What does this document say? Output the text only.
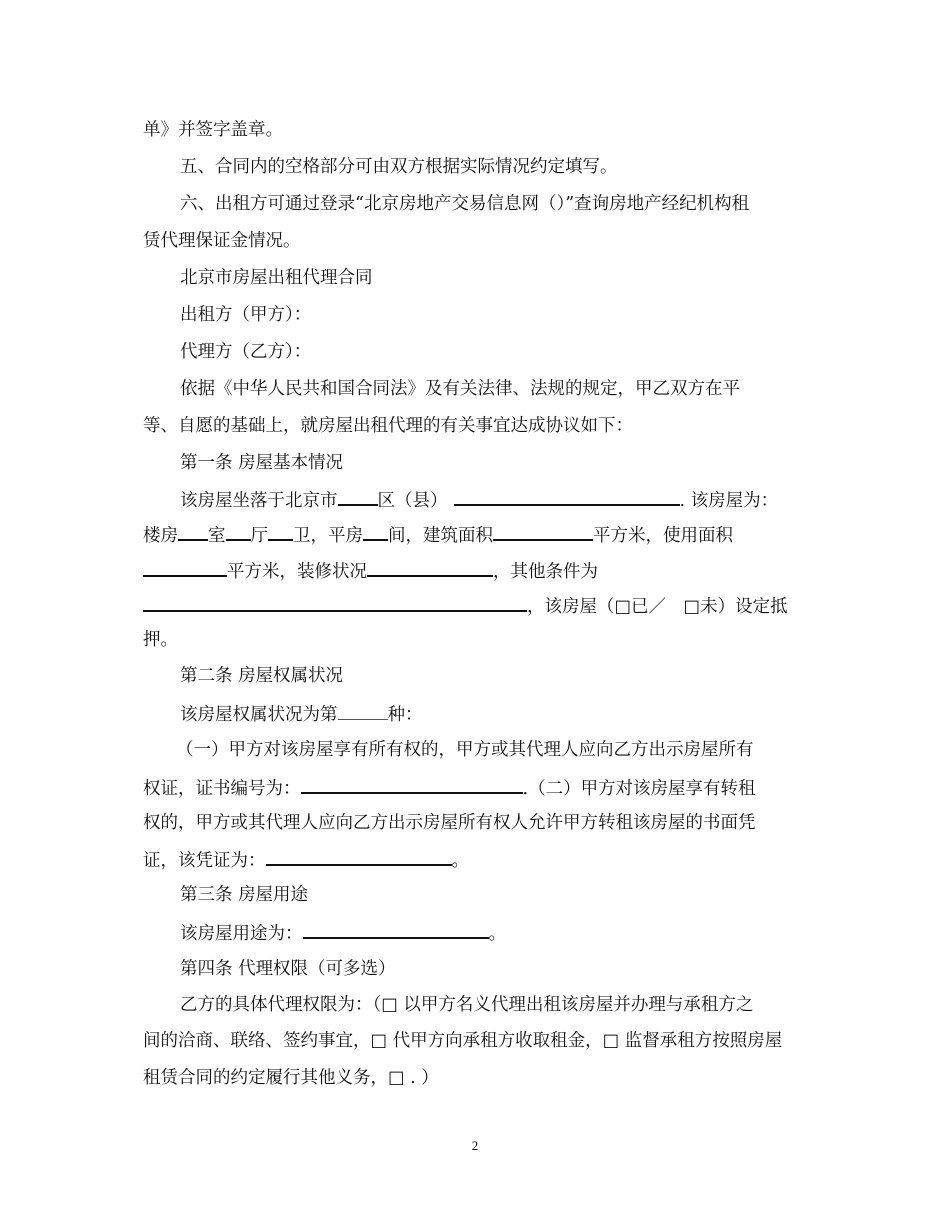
单》并签字盖章。
五、合同内的空格部分可由双方根据实际情况约定填写。
六、出租方可通过登录“北京房地产交易信息网（）”查询房地产经纪机构租
赁代理保证金情况。
北京市房屋出租代理合同
出租方（甲方）：
代理方（乙方）：
依据《中华人民共和国合同法》及有关法律、法规的规定，甲乙双方在平
等、自愿的基础上，就房屋出租代理的有关事宜达成协议如下：
第一条 房屋基本情况
该房屋坐落于北京市 区（县）	. 该房屋为：
楼房 室 厅 卫，平房 间，建筑面积	平方米，使用面积
平方米，装修状况	，其他条件为
，该房屋（□已／　□未）设定抵
押。
第二条 房屋权属状况
该房屋权属状况为第	种：
（一）甲方对该房屋享有所有权的，甲方或其代理人应向乙方出示房屋所有
权证，证书编号为：	.（二）甲方对该房屋享有转租
权的，甲方或其代理人应向乙方出示房屋所有权人允许甲方转租该房屋的书面凭
证，该凭证为：	。
第三条 房屋用途
该房屋用途为：	。
第四条 代理权限（可多选）
乙方的具体代理权限为：（□ 以甲方名义代理出租该房屋并办理与承租方之
间的洽商、联络、签约事宜，□ 代甲方向承租方收取租金，□ 监督承租方按照房屋
租赁合同的约定履行其他义务，□ . ）
2
